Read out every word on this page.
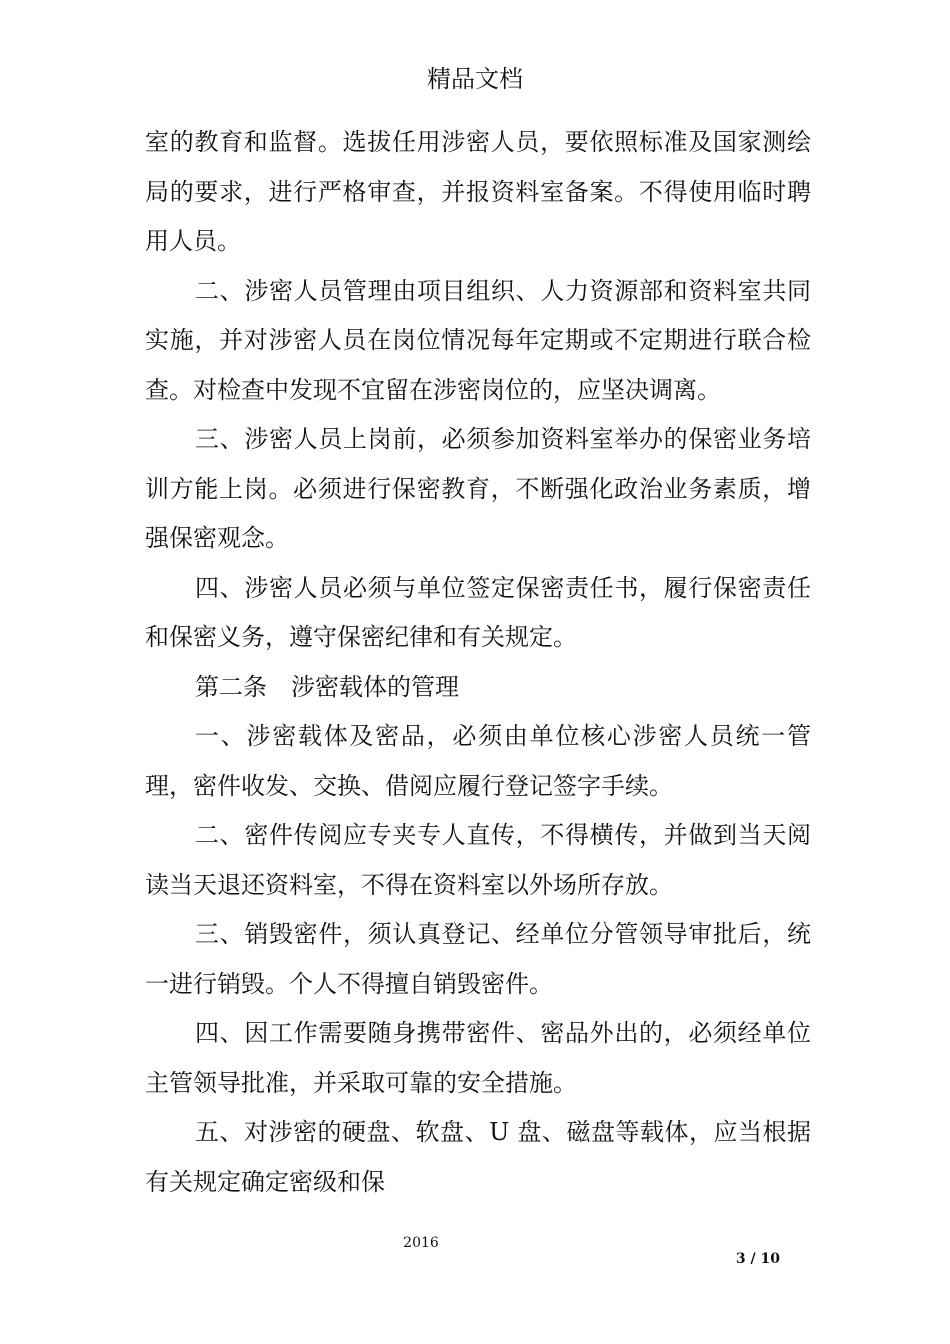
精品文档

室的教育和监督。选拔任用涉密人员，要依照标准及国家测绘局的要求，进行严格审查，并报资料室备案。不得使用临时聘用人员。

二、涉密人员管理由项目组织、人力资源部和资料室共同实施，并对涉密人员在岗位情况每年定期或不定期进行联合检查。对检查中发现不宜留在涉密岗位的，应坚决调离。

三、涉密人员上岗前，必须参加资料室举办的保密业务培训方能上岗。必须进行保密教育，不断强化政治业务素质，增强保密观念。

四、涉密人员必须与单位签定保密责任书，履行保密责任和保密义务，遵守保密纪律和有关规定。

第二条　涉密载体的管理

一、涉密载体及密品，必须由单位核心涉密人员统一管理，密件收发、交换、借阅应履行登记签字手续。

二、密件传阅应专夹专人直传，不得横传，并做到当天阅读当天退还资料室，不得在资料室以外场所存放。

三、销毁密件，须认真登记、经单位分管领导审批后，统一进行销毁。个人不得擅自销毁密件。

四、因工作需要随身携带密件、密品外出的，必须经单位主管领导批准，并采取可靠的安全措施。

五、对涉密的硬盘、软盘、U 盘、磁盘等载体，应当根据有关规定确定密级和保

2016
3 / 10
